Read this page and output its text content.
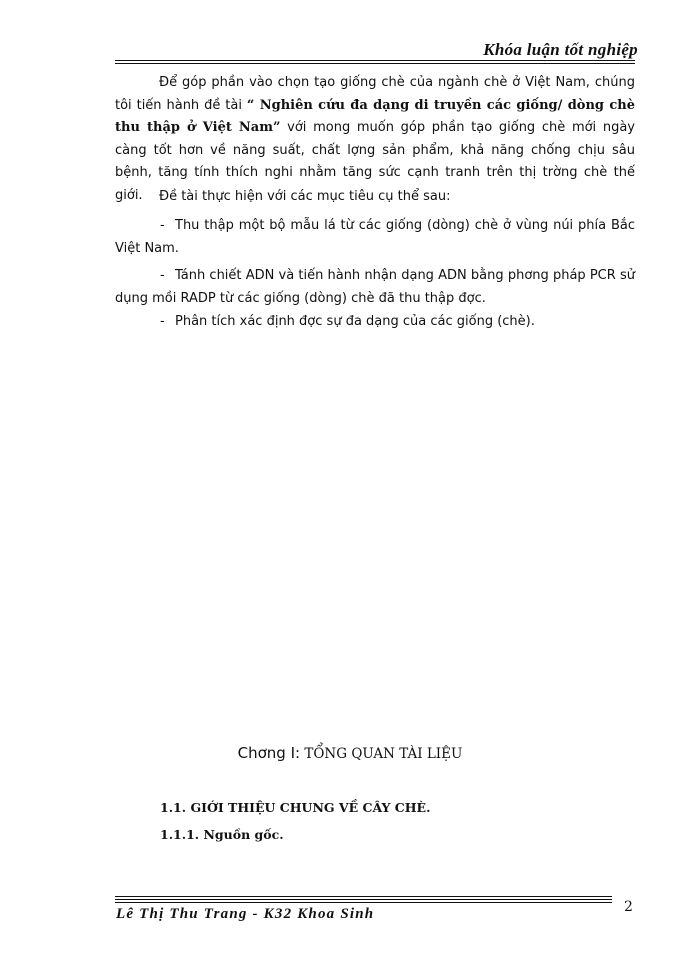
Khóa luận tốt nghiệp

Để góp phần vào chọn tạo giống chè của ngành chè ở Việt Nam, chúng tôi tiến hành đề tài “ Nghiên cứu đa dạng di truyền các giống/ dòng chè thu thập ở Việt Nam” với mong muốn góp phần tạo giống chè mới ngày càng tốt hơn về năng suất, chất lợng sản phẩm, khả năng chống chịu sâu bệnh, tăng tính thích nghi nhằm tăng sức cạnh tranh trên thị trờng chè thế giới.	Đề tài thực hiện với các mục tiêu cụ thể sau:

- Thu thập một bộ mẫu lá từ các giống (dòng) chè ở vùng núi phía Bắc Việt Nam.
- Tánh chiết ADN và tiến hành nhận dạng ADN bằng phơng pháp PCR sử dụng mồi RADP từ các giống (dòng) chè đã thu thập đợc.
- Phân tích xác định đợc sự đa dạng của các giống (chè).
Chơng I: TỔNG QUAN TÀI LIỆU
1.1. GIỚI THIỆU CHUNG VỀ CÂY CHÈ.
1.1.1. Nguồn gốc.
Lê Thị Thu Trang - K32 Khoa Sinh	2
